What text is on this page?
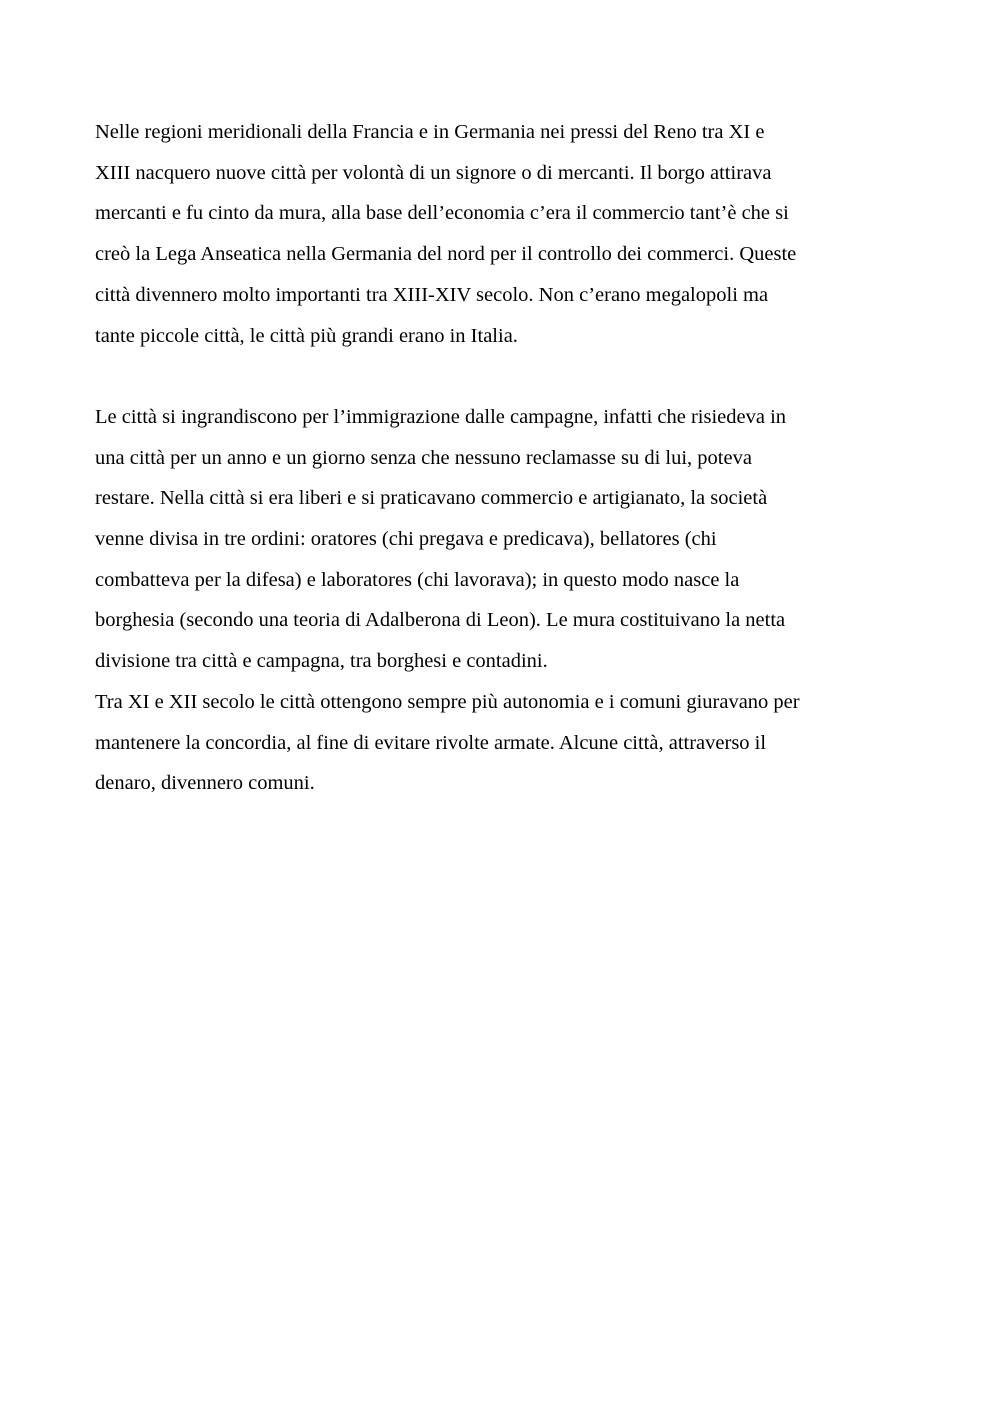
Nelle regioni meridionali della Francia e in Germania nei pressi del Reno tra XI e
XIII nacquero nuove città per volontà di un signore o di mercanti. Il borgo attirava
mercanti e fu cinto da mura, alla base dell’economia c’era il commercio tant’è che si
creò la Lega Anseatica nella Germania del nord per il controllo dei commerci. Queste
città divennero molto importanti tra XIII-XIV secolo. Non c’erano megalopoli ma
tante piccole città, le città più grandi erano in Italia.

Le città si ingrandiscono per l’immigrazione dalle campagne, infatti che risiedeva in
una città per un anno e un giorno senza che nessuno reclamasse su di lui, poteva
restare. Nella città si era liberi e si praticavano commercio e artigianato, la società
venne divisa in tre ordini: oratores (chi pregava e predicava), bellatores (chi
combatteva per la difesa) e laboratores (chi lavorava); in questo modo nasce la
borghesia (secondo una teoria di Adalberona di Leon). Le mura costituivano la netta
divisione tra città e campagna, tra borghesi e contadini.

Tra XI e XII secolo le città ottengono sempre più autonomia e i comuni giuravano per
mantenere la concordia, al fine di evitare rivolte armate. Alcune città, attraverso il
denaro, divennero comuni.
